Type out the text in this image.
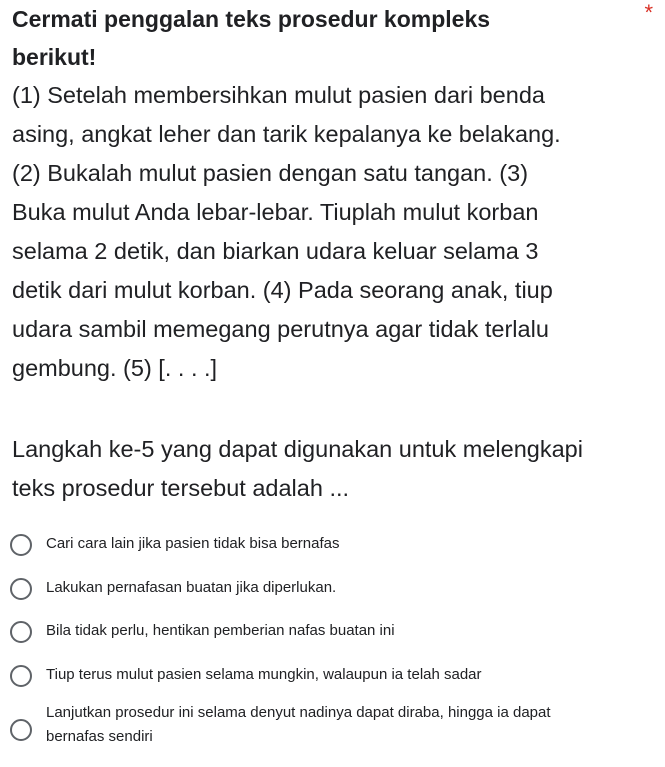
*
Cermati penggalan teks prosedur kompleks
berikut!
(1) Setelah membersihkan mulut pasien dari benda
asing, angkat leher dan tarik kepalanya ke belakang.
(2) Bukalah mulut pasien dengan satu tangan. (3)
Buka mulut Anda lebar-lebar. Tiuplah mulut korban
selama 2 detik, dan biarkan udara keluar selama 3
detik dari mulut korban. (4) Pada seorang anak, tiup
udara sambil memegang perutnya agar tidak terlalu
gembung. (5) [. . . .]
Langkah ke-5 yang dapat digunakan untuk melengkapi
teks prosedur tersebut adalah ...
Cari cara lain jika pasien tidak bisa bernafas
Lakukan pernafasan buatan jika diperlukan.
Bila tidak perlu, hentikan pemberian nafas buatan ini
Tiup terus mulut pasien selama mungkin, walaupun ia telah sadar
Lanjutkan prosedur ini selama denyut nadinya dapat diraba, hingga ia dapat
bernafas sendiri
